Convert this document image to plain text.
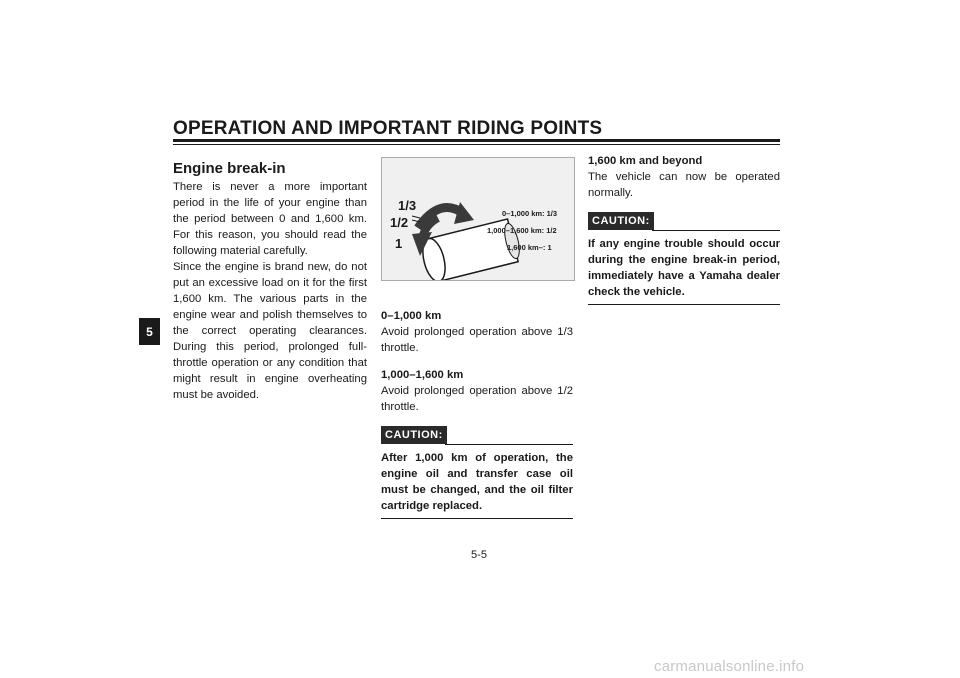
OPERATION AND IMPORTANT RIDING POINTS
5
Engine break-in

There is never a more important period in the life of your engine than the period between 0 and 1,600 km. For this reason, you should read the following material carefully.

Since the engine is brand new, do not put an excessive load on it for the first 1,600 km. The various parts in the engine wear and polish themselves to the correct operating clearances. During this period, prolonged full-throttle operation or any condition that might result in engine overheating must be avoided.

1/3
1/2
1
0–1,000 km: 1/3
1,000–1,600 km: 1/2
1,600 km–: 1
0–1,000 km

Avoid prolonged operation above 1/3 throttle.

1,000–1,600 km

Avoid prolonged operation above 1/2 throttle.

CAUTION:
After 1,000 km of operation, the engine oil and transfer case oil must be changed, and the oil filter cartridge replaced.
1,600 km and beyond

The vehicle can now be operated normally.

CAUTION:
If any engine trouble should occur during the engine break-in period, immediately have a Yamaha dealer check the vehicle.
5-5
carmanualsonline.info
